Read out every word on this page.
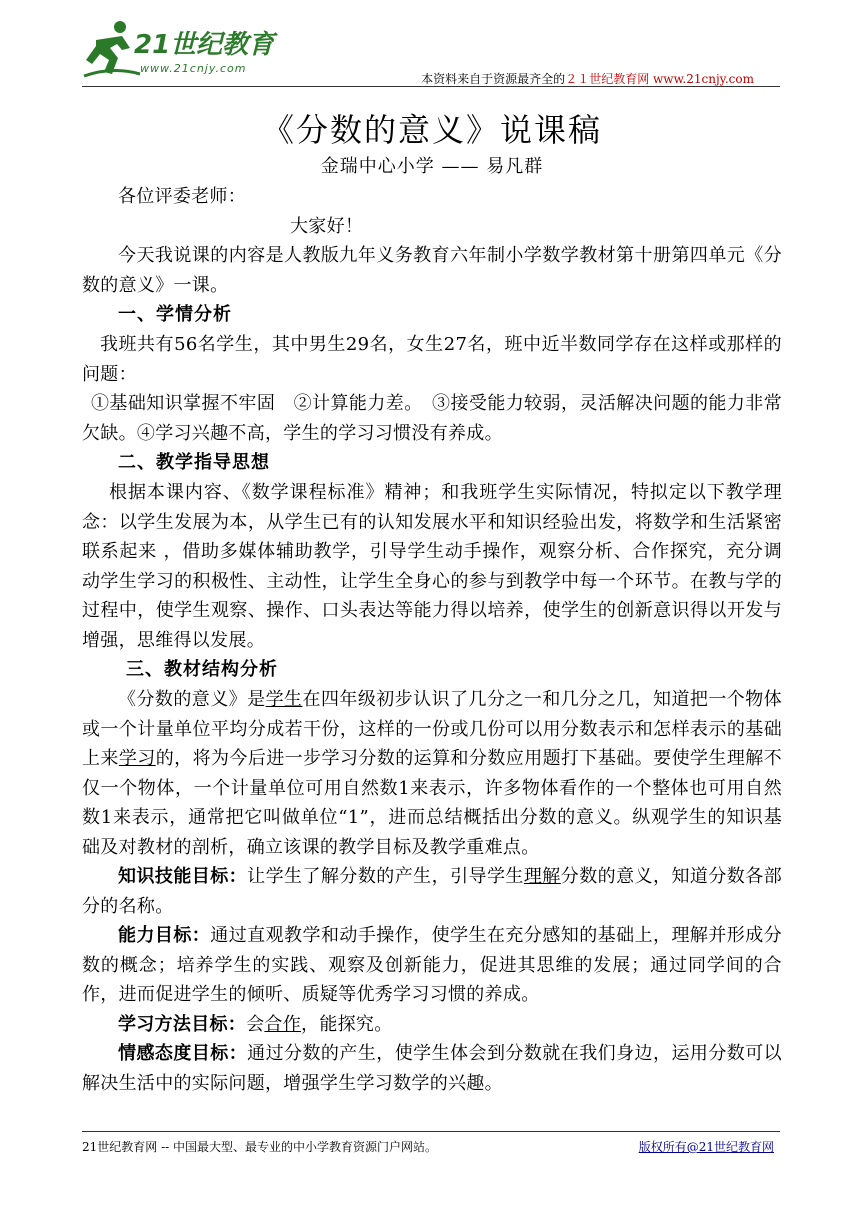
21世纪教育
www.21cnjy.com
本资料来自于资源最齐全的２１世纪教育网 www.21cnjy.com
《分数的意义》说课稿

金瑞中心小学 —— 易凡群

各位评委老师：

大家好！

今天我说课的内容是人教版九年义务教育六年制小学数学教材第十册第四单元《分数的意义》一课。

一、学情分析

我班共有56名学生，其中男生29名，女生27名，班中近半数同学存在这样或那样的问题：

①基础知识掌握不牢固　②计算能力差。　③接受能力较弱，灵活解决问题的能力非常欠缺。④学习兴趣不高，学生的学习习惯没有养成。

二、教学指导思想

根据本课内容、《数学课程标准》精神；和我班学生实际情况，特拟定以下教学理念：以学生发展为本，从学生已有的认知发展水平和知识经验出发，将数学和生活紧密联系起来 ，借助多媒体辅助教学，引导学生动手操作，观察分析、合作探究，充分调动学生学习的积极性、主动性，让学生全身心的参与到教学中每一个环节。在教与学的过程中，使学生观察、操作、口头表达等能力得以培养，使学生的创新意识得以开发与增强，思维得以发展。

三、教材结构分析

《分数的意义》是学生在四年级初步认识了几分之一和几分之几，知道把一个物体或一个计量单位平均分成若干份，这样的一份或几份可以用分数表示和怎样表示的基础上来学习的，将为今后进一步学习分数的运算和分数应用题打下基础。要使学生理解不仅一个物体，一个计量单位可用自然数1来表示，许多物体看作的一个整体也可用自然数1来表示，通常把它叫做单位“1”，进而总结概括出分数的意义。纵观学生的知识基础及对教材的剖析，确立该课的教学目标及教学重难点。

知识技能目标：让学生了解分数的产生，引导学生理解分数的意义，知道分数各部分的名称。

能力目标：通过直观教学和动手操作，使学生在充分感知的基础上，理解并形成分数的概念；培养学生的实践、观察及创新能力，促进其思维的发展；通过同学间的合作，进而促进学生的倾听、质疑等优秀学习习惯的养成。

学习方法目标：会合作，能探究。

情感态度目标：通过分数的产生，使学生体会到分数就在我们身边，运用分数可以解决生活中的实际问题，增强学生学习数学的兴趣。

21世纪教育网 -- 中国最大型、最专业的中小学教育资源门户网站。	版权所有@21世纪教育网
